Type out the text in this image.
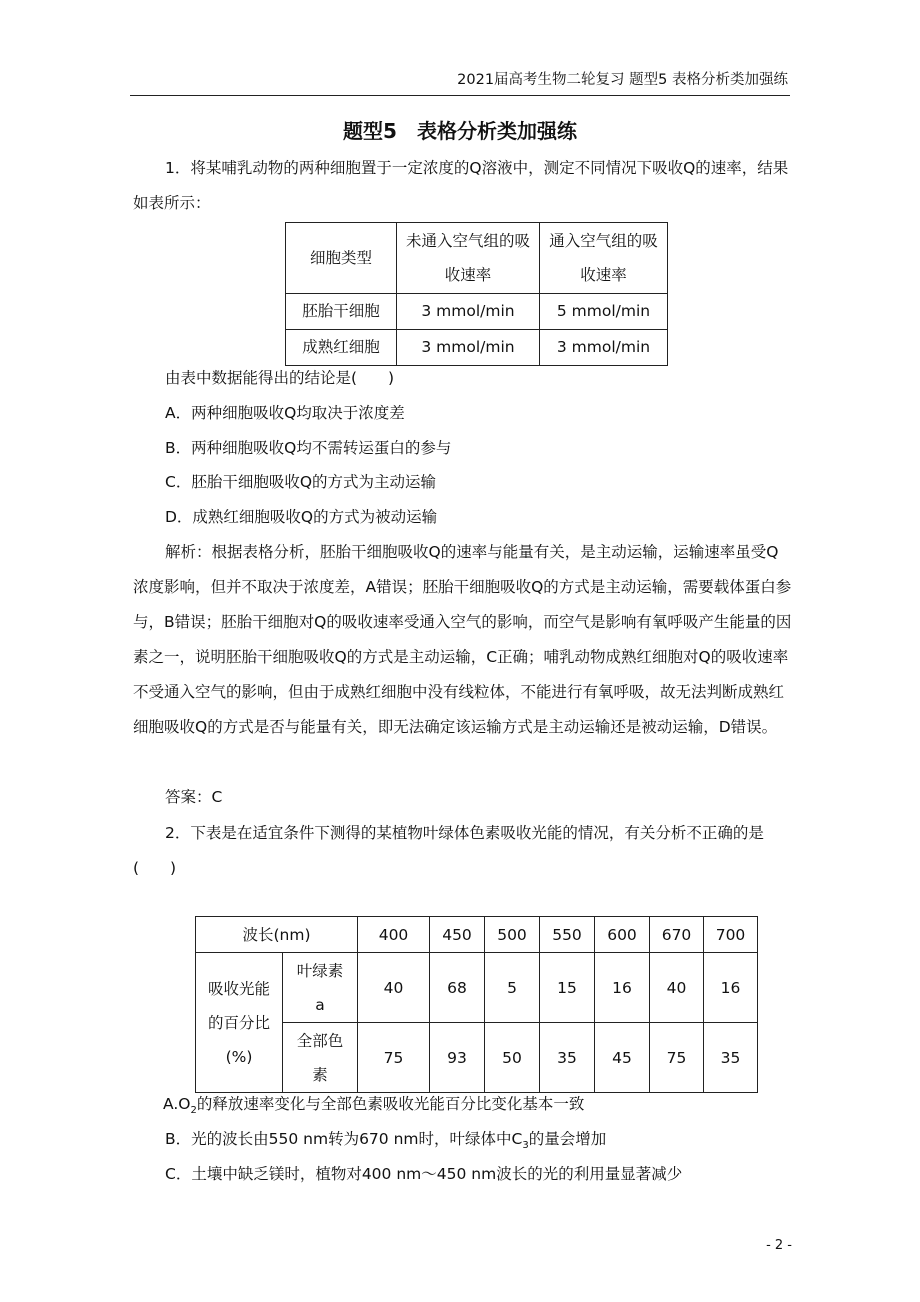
2021届高考生物二轮复习 题型5 表格分析类加强练
题型5　表格分析类加强练
1．将某哺乳动物的两种细胞置于一定浓度的Q溶液中，测定不同情况下吸收Q的速率，结果如表所示：
细胞类型	未通入空气组的吸收速率	通入空气组的吸收速率
胚胎干细胞	3 mmol/min	5 mmol/min
成熟红细胞	3 mmol/min	3 mmol/min
由表中数据能得出的结论是(　　)
A．两种细胞吸收Q均取决于浓度差
B．两种细胞吸收Q均不需转运蛋白的参与
C．胚胎干细胞吸收Q的方式为主动运输
D．成熟红细胞吸收Q的方式为被动运输
解析：根据表格分析，胚胎干细胞吸收Q的速率与能量有关，是主动运输，运输速率虽受Q浓度影响，但并不取决于浓度差，A错误；胚胎干细胞吸收Q的方式是主动运输，需要载体蛋白参与，B错误；胚胎干细胞对Q的吸收速率受通入空气的影响，而空气是影响有氧呼吸产生能量的因素之一，说明胚胎干细胞吸收Q的方式是主动运输，C正确；哺乳动物成熟红细胞对Q的吸收速率不受通入空气的影响，但由于成熟红细胞中没有线粒体，不能进行有氧呼吸，故无法判断成熟红细胞吸收Q的方式是否与能量有关，即无法确定该运输方式是主动运输还是被动运输，D错误。
答案：C
2．下表是在适宜条件下测得的某植物叶绿体色素吸收光能的情况，有关分析不正确的是(　　)
波长(nm)		400	450	500	550	600	670	700
吸收光能的百分比(%)	叶绿素a	40	68	5	15	16	40	16
	全部色素	75	93	50	35	45	75	35
$A.O_2$的释放速率变化与全部色素吸收光能百分比变化基本一致
B．光的波长由550 nm转为670 nm时，叶绿体中$C_3$的量会增加
C．土壤中缺乏镁时，植物对400 nm～450 nm波长的光的利用量显著减少
- 2 -
